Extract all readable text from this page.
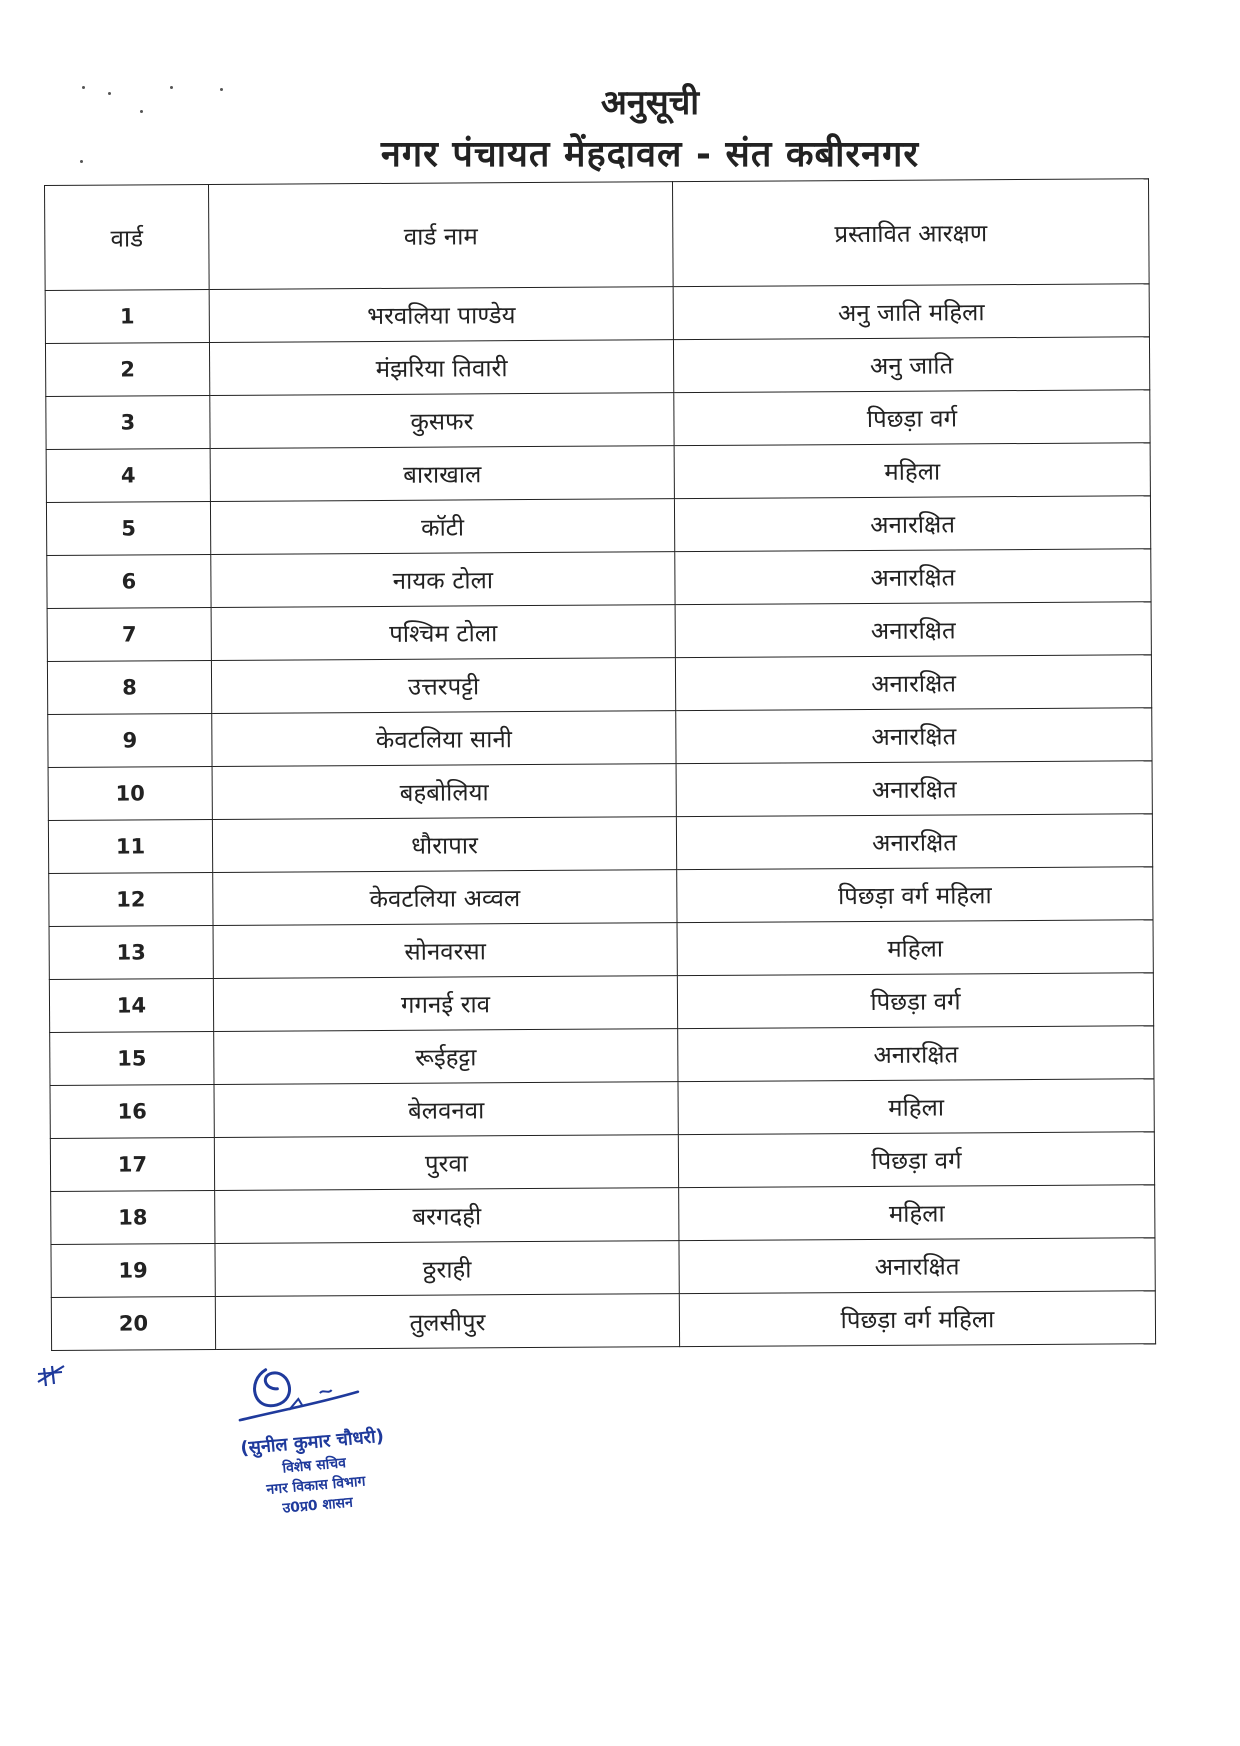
अनुसूची
नगर पंचायत मेंहदावल - संत कबीरनगर
वार्ड	वार्ड नाम	प्रस्तावित आरक्षण
1	भरवलिया पाण्डेय	अनु जाति महिला
2	मंझरिया तिवारी	अनु जाति
3	कुसफर	पिछड़ा वर्ग
4	बाराखाल	महिला
5	कॉटी	अनारक्षित
6	नायक टोला	अनारक्षित
7	पश्चिम टोला	अनारक्षित
8	उत्तरपट्टी	अनारक्षित
9	केवटलिया सानी	अनारक्षित
10	बहबोलिया	अनारक्षित
11	धौरापार	अनारक्षित
12	केवटलिया अव्वल	पिछड़ा वर्ग महिला
13	सोनवरसा	महिला
14	गगनई राव	पिछड़ा वर्ग
15	रूईहट्टा	अनारक्षित
16	बेलवनवा	महिला
17	पुरवा	पिछड़ा वर्ग
18	बरगदही	महिला
19	ठ्ठराही	अनारक्षित
20	तुलसीपुर	पिछड़ा वर्ग महिला
(सुनील कुमार चौधरी)
विशेष सचिव
नगर विकास विभाग
उ0प्र0 शासन
